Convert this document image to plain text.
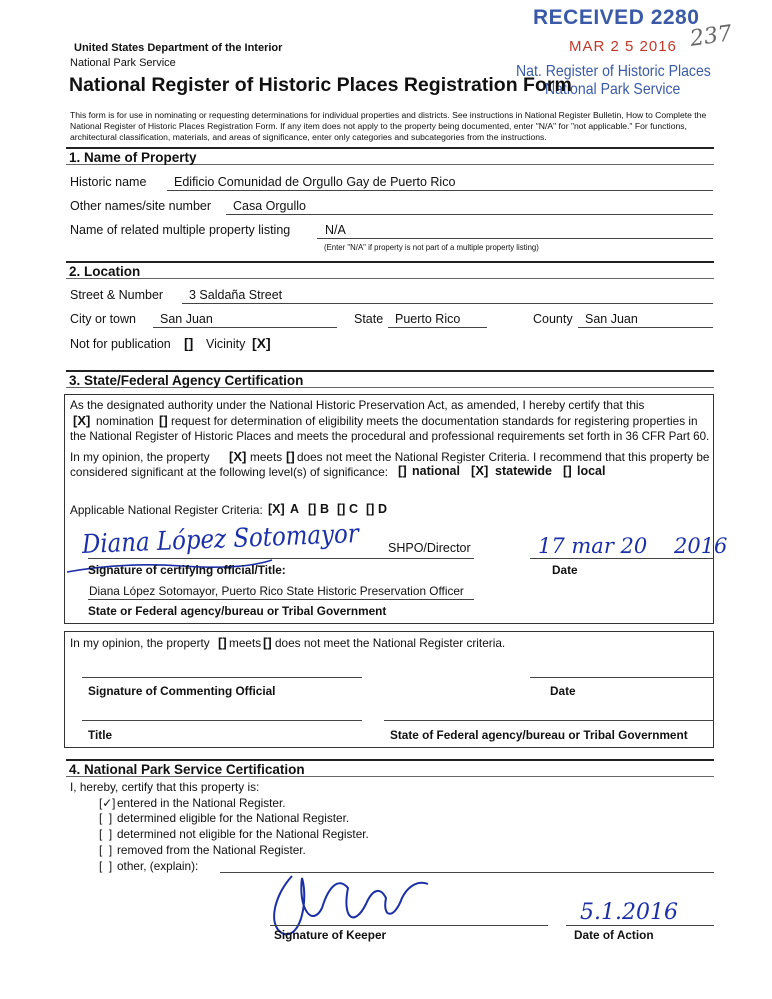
RECEIVED 2280
MAR 2 5 2016 237
Nat. Register of Historic Places
National Park Service
United States Department of the Interior
National Park Service
National Register of Historic Places Registration Form
This form is for use in nominating or requesting determinations for individual properties and districts. See instructions in National Register Bulletin, How to Complete the National Register of Historic Places Registration Form. If any item does not apply to the property being documented, enter "N/A" for "not applicable." For functions, architectural classification, materials, and areas of significance, enter only categories and subcategories from the instructions.
1. Name of Property
Historic name Edificio Comunidad de Orgullo Gay de Puerto Rico
Other names/site number Casa Orgullo
Name of related multiple property listing	N/A
(Enter "N/A" if property is not part of a multiple property listing)
2. Location
Street & Number 3 Saldaña Street
City or town San Juan	State Puerto Rico	County San Juan
Not for publication [] Vicinity [X]
3. State/Federal Agency Certification
As the designated authority under the National Historic Preservation Act, as amended, I hereby certify that this
[X] nomination [] request for determination of eligibility meets the documentation standards for registering properties in
the National Register of Historic Places and meets the procedural and professional requirements set forth in 36 CFR Part 60.
In my opinion, the property [X] meets [] does not meet the National Register Criteria. I recommend that this property be
considered significant at the following level(s) of significance: [] national [X] statewide [] local
Applicable National Register Criteria: [X] A [] B [] C [] D
Diana López Sotomayor SHPO/Director	17 mar 20    2016
Signature of certifying official/Title:	Date
Diana López Sotomayor, Puerto Rico State Historic Preservation Officer
State or Federal agency/bureau or Tribal Government
In my opinion, the property [] meets [] does not meet the National Register criteria.
Signature of Commenting Official	Date
Title	State of Federal agency/bureau or Tribal Government
4. National Park Service Certification
I, hereby, certify that this property is:
[✓] entered in the National Register.
[  ] determined eligible for the National Register.
[  ] determined not eligible for the National Register.
[  ] removed from the National Register.
[  ] other, (explain):
Signature of Keeper
5.1.2016
Date of Action
